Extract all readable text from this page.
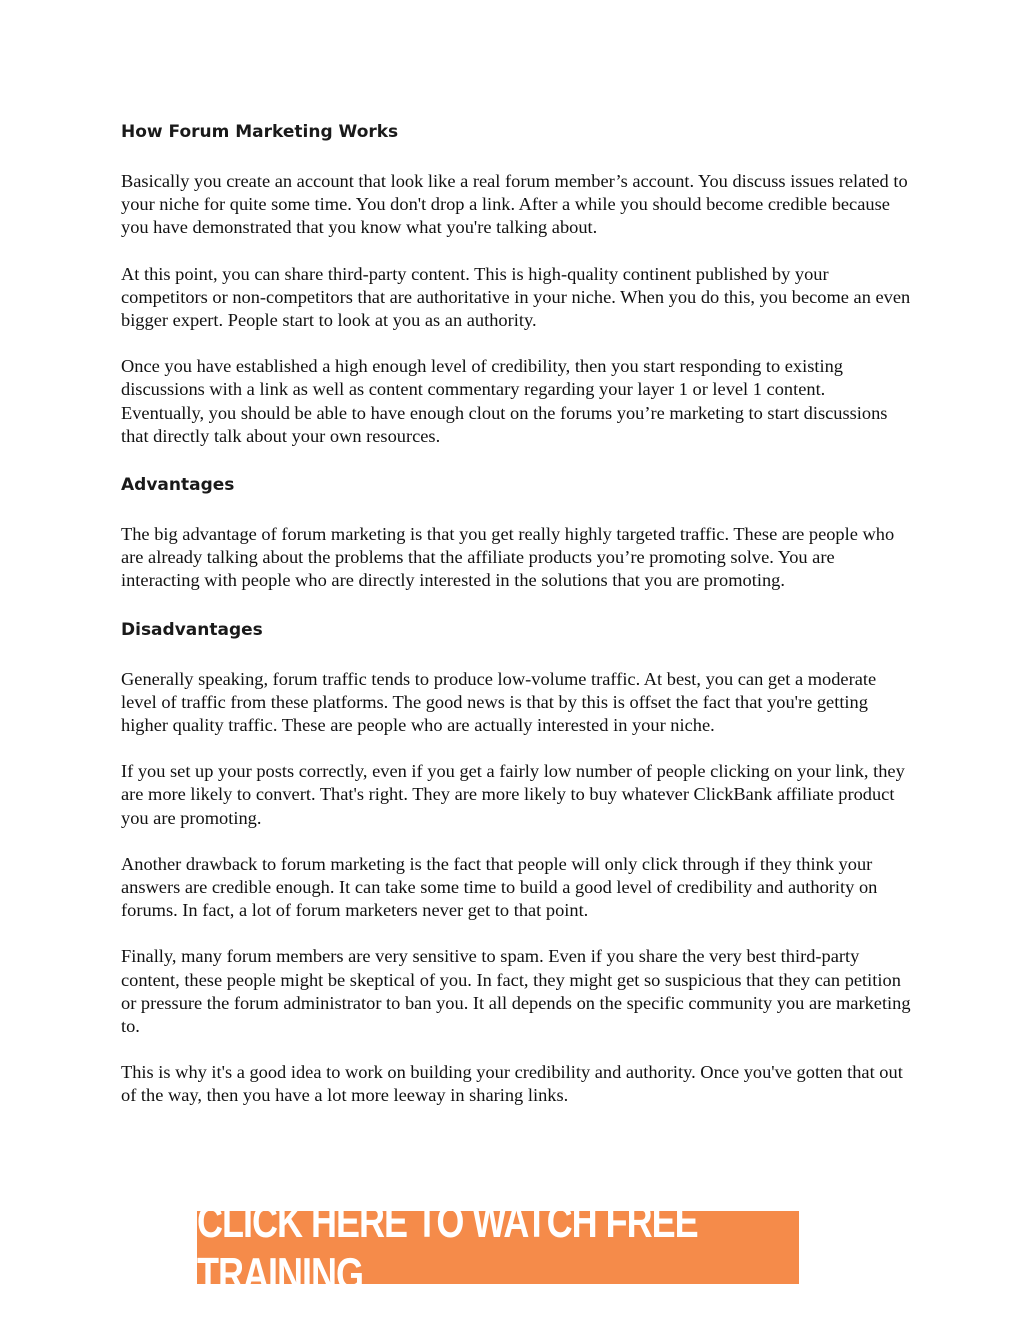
How Forum Marketing Works

Basically you create an account that look like a real forum member’s account. You discuss issues related to your niche for quite some time. You don't drop a link. After a while you should become credible because you have demonstrated that you know what you're talking about.

At this point, you can share third-party content. This is high-quality continent published by your competitors or non-competitors that are authoritative in your niche. When you do this, you become an even bigger expert. People start to look at you as an authority.

Once you have established a high enough level of credibility, then you start responding to existing discussions with a link as well as content commentary regarding your layer 1 or level 1 content. Eventually, you should be able to have enough clout on the forums you’re marketing to start discussions that directly talk about your own resources.

Advantages

The big advantage of forum marketing is that you get really highly targeted traffic. These are people who are already talking about the problems that the affiliate products you’re promoting solve. You are interacting with people who are directly interested in the solutions that you are promoting.

Disadvantages

Generally speaking, forum traffic tends to produce low-volume traffic. At best, you can get a moderate level of traffic from these platforms. The good news is that by this is offset the fact that you're getting higher quality traffic. These are people who are actually interested in your niche.

If you set up your posts correctly, even if you get a fairly low number of people clicking on your link, they are more likely to convert. That's right. They are more likely to buy whatever ClickBank affiliate product you are promoting.

Another drawback to forum marketing is the fact that people will only click through if they think your answers are credible enough. It can take some time to build a good level of credibility and authority on forums. In fact, a lot of forum marketers never get to that point.

Finally, many forum members are very sensitive to spam. Even if you share the very best third-party content, these people might be skeptical of you. In fact, they might get so suspicious that they can petition or pressure the forum administrator to ban you. It all depends on the specific community you are marketing to.

This is why it's a good idea to work on building your credibility and authority. Once you've gotten that out of the way, then you have a lot more leeway in sharing links.

CLICK HERE TO WATCH FREE TRAINING
